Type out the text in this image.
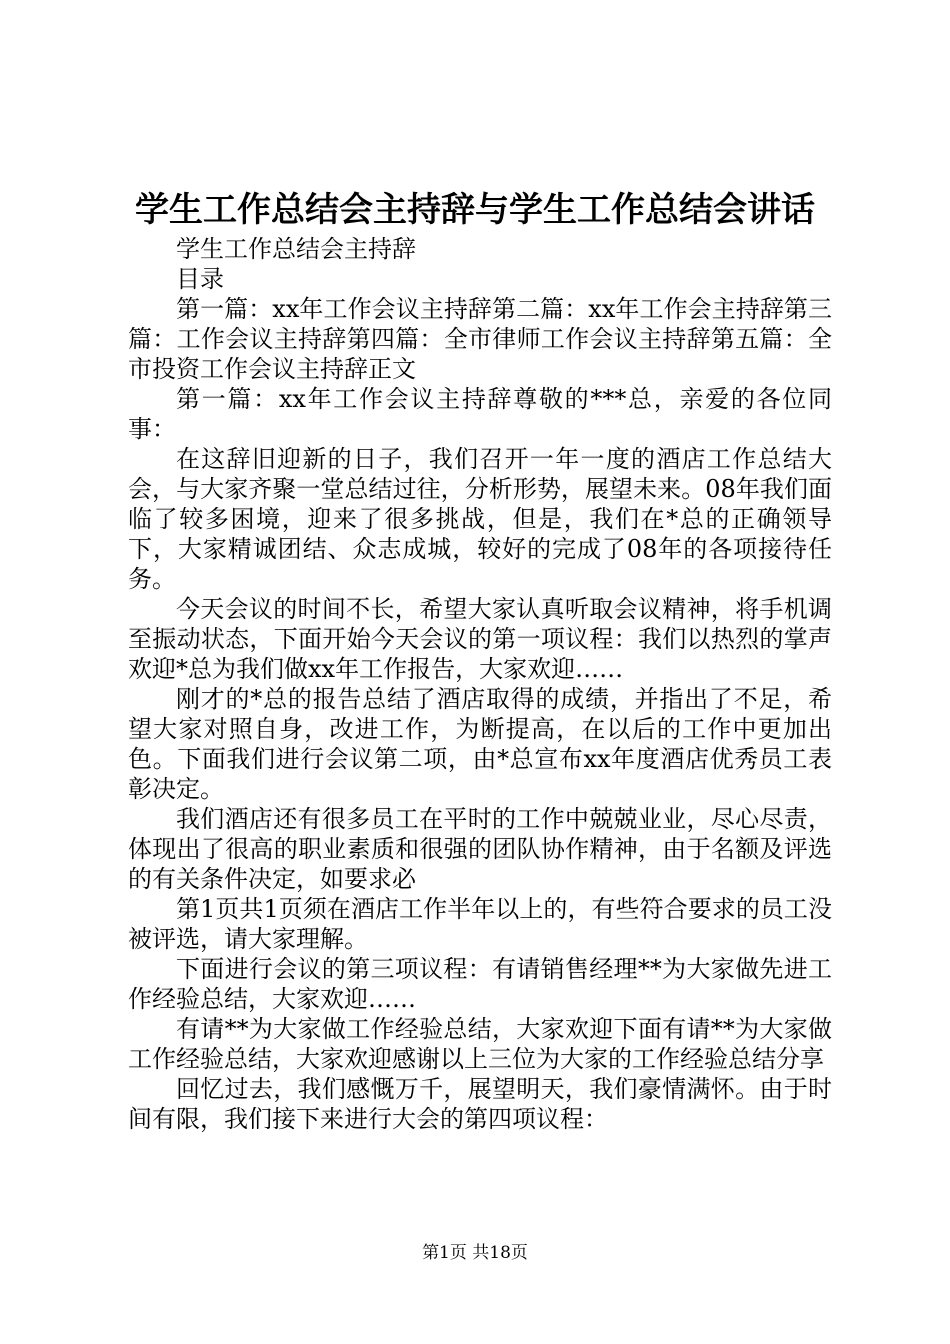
学生工作总结会主持辞与学生工作总结会讲话

学生工作总结会主持辞

目录

第一篇：xx年工作会议主持辞第二篇：xx年工作会主持辞第三篇：工作会议主持辞第四篇：全市律师工作会议主持辞第五篇：全市投资工作会议主持辞正文

第一篇：xx年工作会议主持辞尊敬的***总，亲爱的各位同事：

在这辞旧迎新的日子，我们召开一年一度的酒店工作总结大会，与大家齐聚一堂总结过往，分析形势，展望未来。08年我们面临了较多困境，迎来了很多挑战，但是，我们在*总的正确领导下，大家精诚团结、众志成城，较好的完成了08年的各项接待任务。

今天会议的时间不长，希望大家认真听取会议精神，将手机调至振动状态，下面开始今天会议的第一项议程：我们以热烈的掌声欢迎*总为我们做xx年工作报告，大家欢迎……

刚才的*总的报告总结了酒店取得的成绩，并指出了不足，希望大家对照自身，改进工作，为断提高，在以后的工作中更加出色。下面我们进行会议第二项，由*总宣布xx年度酒店优秀员工表彰决定。

我们酒店还有很多员工在平时的工作中兢兢业业，尽心尽责，体现出了很高的职业素质和很强的团队协作精神，由于名额及评选的有关条件决定，如要求必

第1页共1页须在酒店工作半年以上的，有些符合要求的员工没被评选，请大家理解。

下面进行会议的第三项议程：有请销售经理**为大家做先进工作经验总结，大家欢迎……

有请**为大家做工作经验总结，大家欢迎下面有请**为大家做工作经验总结，大家欢迎感谢以上三位为大家的工作经验总结分享

回忆过去，我们感慨万千，展望明天，我们豪情满怀。由于时间有限，我们接下来进行大会的第四项议程：

第1页 共18页
